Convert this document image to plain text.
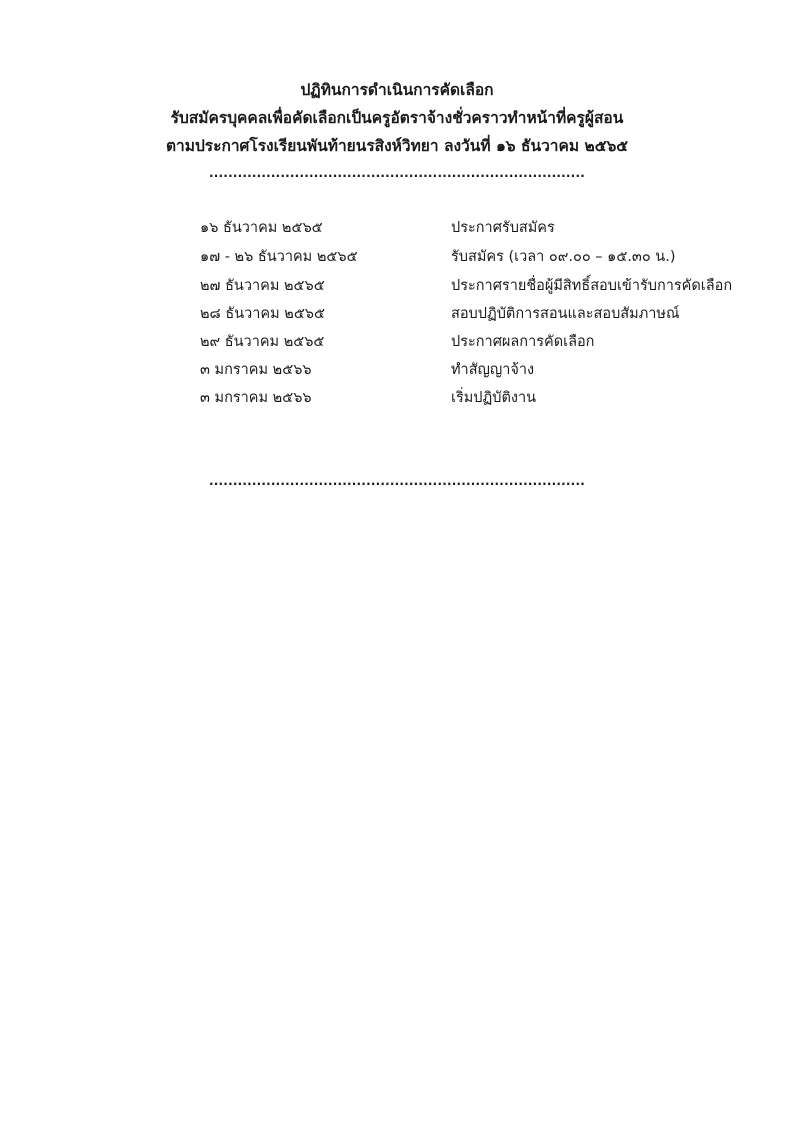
ปฏิทินการดำเนินการคัดเลือก
รับสมัครบุคคลเพื่อคัดเลือกเป็นครูอัตราจ้างชั่วคราวทำหน้าที่ครูผู้สอน
ตามประกาศโรงเรียนพันท้ายนรสิงห์วิทยา ลงวันที่ ๑๖ ธันวาคม ๒๕๖๕
...............................................................................
๑๖ ธันวาคม ๒๕๖๕	ประกาศรับสมัคร
๑๗ - ๒๖ ธันวาคม ๒๕๖๕	รับสมัคร (เวลา ๐๙.๐๐ – ๑๕.๓๐ น.)
๒๗ ธันวาคม ๒๕๖๕	ประกาศรายชื่อผู้มีสิทธิ์สอบเข้ารับการคัดเลือก
๒๘ ธันวาคม ๒๕๖๕	สอบปฏิบัติการสอนและสอบสัมภาษณ์
๒๙ ธันวาคม ๒๕๖๕	ประกาศผลการคัดเลือก
๓ มกราคม ๒๕๖๖	ทำสัญญาจ้าง
๓ มกราคม ๒๕๖๖	เริ่มปฏิบัติงาน
...............................................................................
